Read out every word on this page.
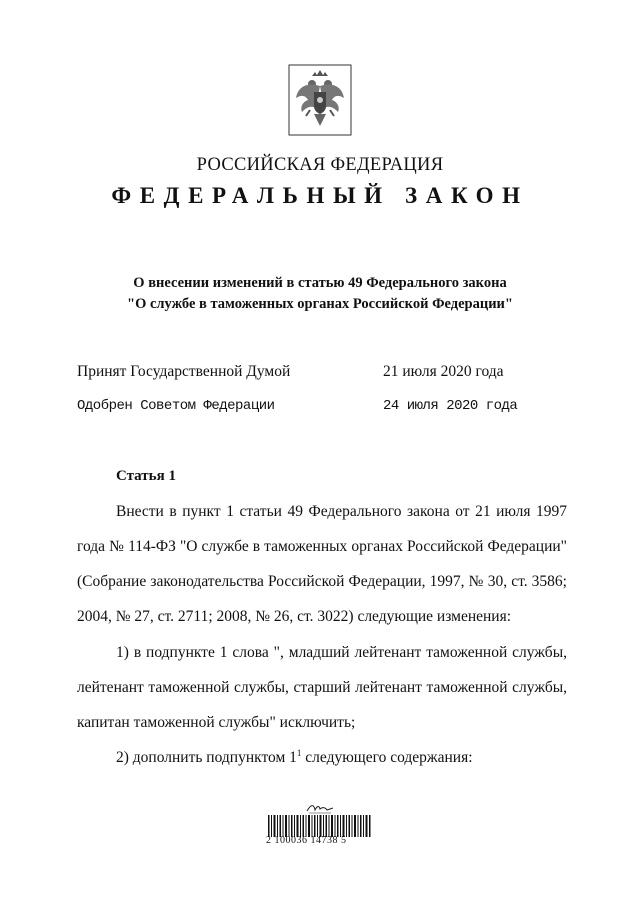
РОССИЙСКАЯ ФЕДЕРАЦИЯ
ФЕДЕРАЛЬНЫЙ ЗАКОН
О внесении изменений в статью 49 Федерального закона
"О службе в таможенных органах Российской Федерации"
Принят Государственной Думой	21 июля 2020 года
Одобрен Советом Федерации	24 июля 2020 года
Статья 1
Внести в пункт 1 статьи 49 Федерального закона от 21 июля 1997
года № 114-ФЗ "О службе в таможенных органах Российской Федерации"
(Собрание законодательства Российской Федерации, 1997, № 30, ст. 3586;
2004, № 27, ст. 2711; 2008, № 26, ст. 3022) следующие изменения:
1) в подпункте 1 слова ", младший лейтенант таможенной службы,
лейтенант таможенной службы, старший лейтенант таможенной службы,
капитан таможенной службы" исключить;
2) дополнить подпунктом $1^1$ следующего содержания:
2 100036 14738 5
